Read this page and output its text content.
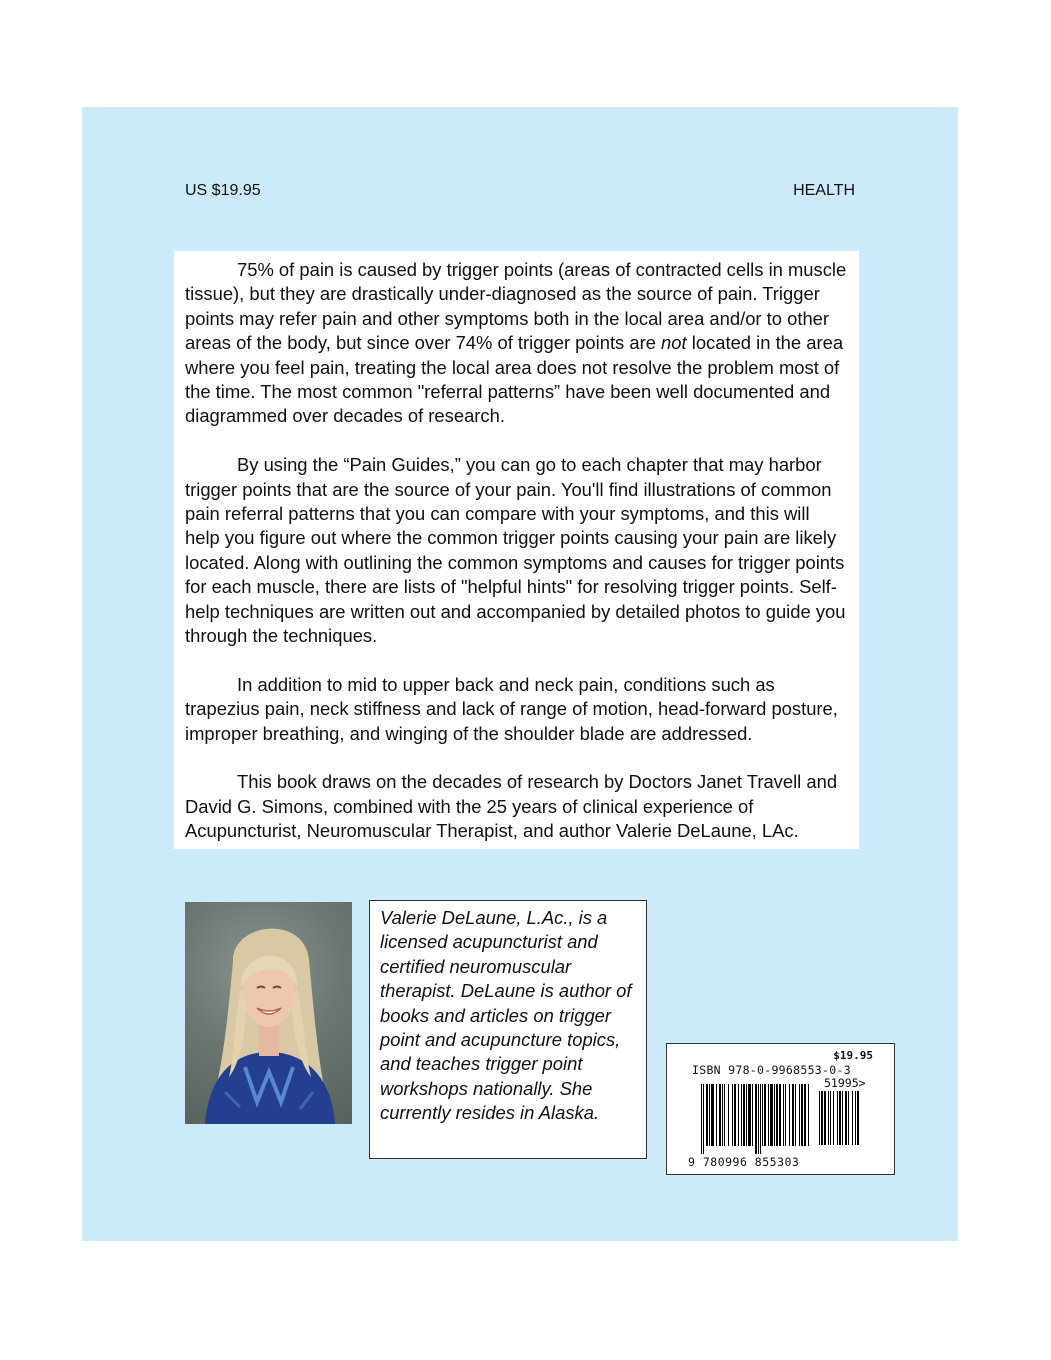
US $19.95	HEALTH

75% of pain is caused by trigger points (areas of contracted cells in muscle tissue), but they are drastically under-diagnosed as the source of pain. Trigger points may refer pain and other symptoms both in the local area and/or to other areas of the body, but since over 74% of trigger points are not located in the area where you feel pain, treating the local area does not resolve the problem most of the time. The most common "referral patterns” have been well documented and diagrammed over decades of research.

By using the “Pain Guides,” you can go to each chapter that may harbor trigger points that are the source of your pain. You'll find illustrations of common pain referral patterns that you can compare with your symptoms, and this will help you figure out where the common trigger points causing your pain are likely located. Along with outlining the common symptoms and causes for trigger points for each muscle, there are lists of "helpful hints" for resolving trigger points. Self-help techniques are written out and accompanied by detailed photos to guide you through the techniques.

In addition to mid to upper back and neck pain, conditions such as trapezius pain, neck stiffness and lack of range of motion, head-forward posture, improper breathing, and winging of the shoulder blade are addressed.

This book draws on the decades of research by Doctors Janet Travell and David G. Simons, combined with the 25 years of clinical experience of Acupuncturist, Neuromuscular Therapist, and author Valerie DeLaune, LAc.

Valerie DeLaune, L.Ac., is a licensed acupuncturist and certified neuromuscular therapist. DeLaune is author of books and articles on trigger point and acupuncture topics, and teaches trigger point workshops nationally. She currently resides in Alaska.
$19.95
ISBN 978-0-9968553-0-3
51995>
9 780996 855303
